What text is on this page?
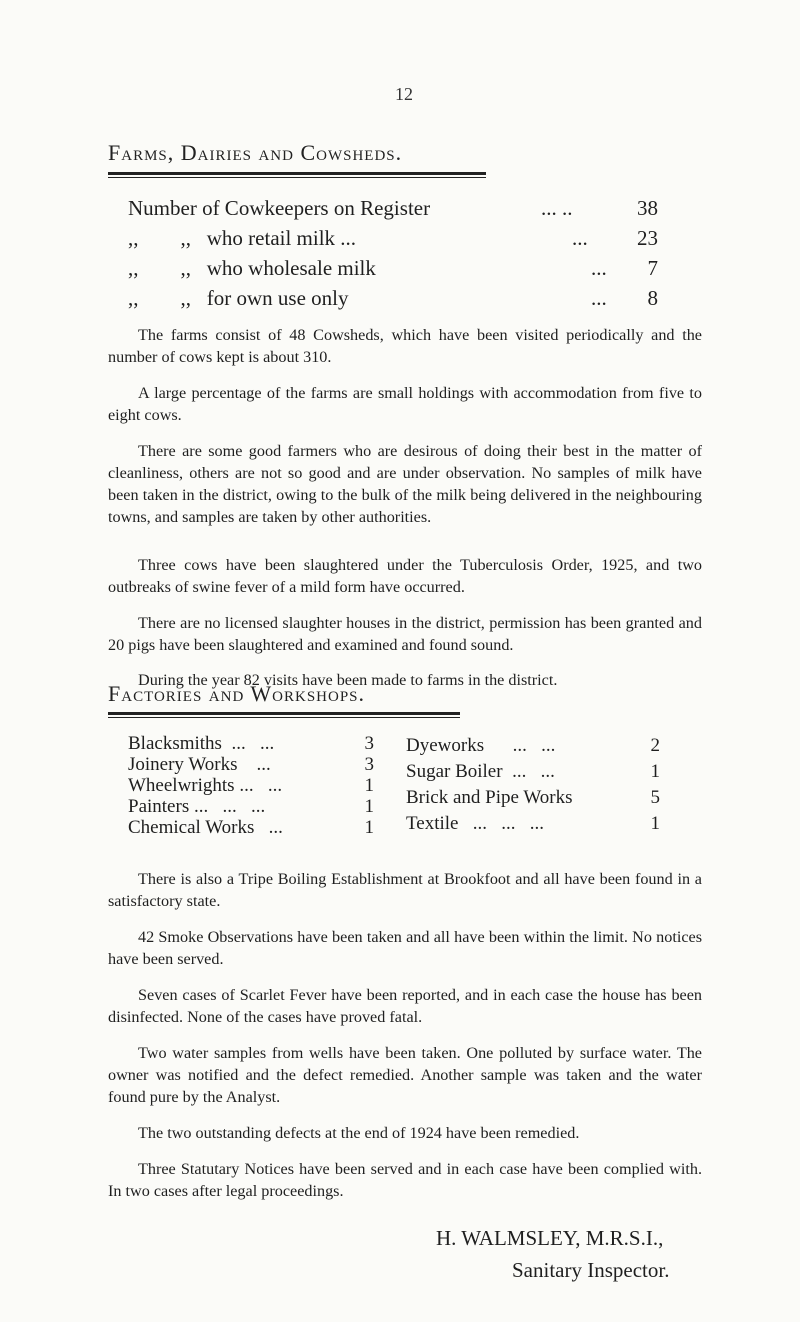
12
Farms, Dairies and Cowsheds.
Number of Cowkeepers on Register	... ..	38
,,        ,,   who retail milk ...	... 23
,,        ,,   who wholesale milk	... 7
,,        ,,   for own use only	... 8

The farms consist of 48 Cowsheds, which have been visited periodically and the number of cows kept is about 310.

A large percentage of the farms are small holdings with accommodation from five to eight cows.

There are some good farmers who are desirous of doing their best in the matter of cleanliness, others are not so good and are under observation. No samples of milk have been taken in the district, owing to the bulk of the milk being delivered in the neighbouring towns, and samples are taken by other authorities.

Three cows have been slaughtered under the Tuberculosis Order, 1925, and two outbreaks of swine fever of a mild form have occurred.

There are no licensed slaughter houses in the district, permission has been granted and 20 pigs have been slaughtered and examined and found sound.

During the year 82 visits have been made to farms in the district.

Factories and Workshops.
Blacksmiths  ...   ...	3
Joinery Works    ...	3
Wheelwrights ...   ...	1
Painters ...   ...   ...	1
Chemical Works   ...	1
Dyeworks      ...   ...	2
Sugar Boiler  ...   ...	1
Brick and Pipe Works	5
Textile   ...   ...   ...	1

There is also a Tripe Boiling Establishment at Brookfoot and all have been found in a satisfactory state.

42 Smoke Observations have been taken and all have been within the limit. No notices have been served.

Seven cases of Scarlet Fever have been reported, and in each case the house has been disinfected. None of the cases have proved fatal.

Two water samples from wells have been taken. One polluted by surface water. The owner was notified and the defect remedied. Another sample was taken and the water found pure by the Analyst.

The two outstanding defects at the end of 1924 have been remedied.

Three Statutary Notices have been served and in each case have been complied with. In two cases after legal proceedings.

H. WALMSLEY, M.R.S.I.,
Sanitary Inspector.
